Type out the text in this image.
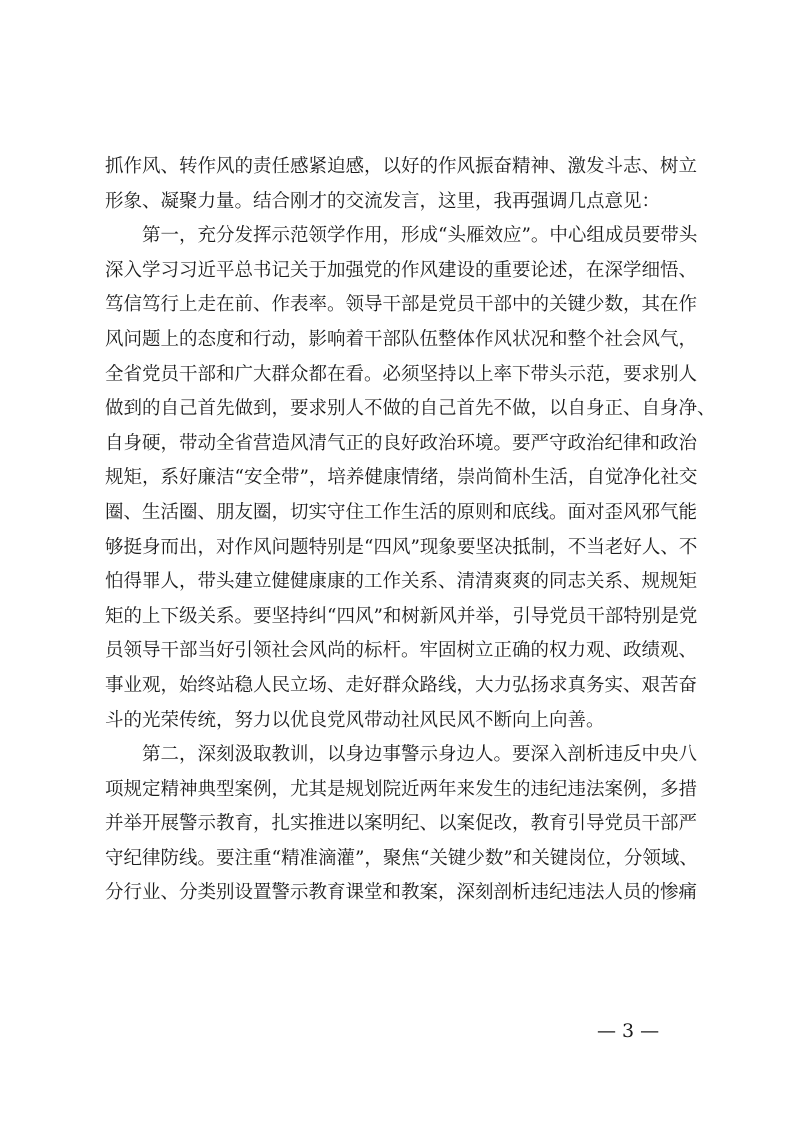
抓作风、转作风的责任感紧迫感，以好的作风振奋精神、激发斗志、树立
形象、凝聚力量。结合刚才的交流发言，这里，我再强调几点意见：
第一，充分发挥示范领学作用，形成“头雁效应”。中心组成员要带头
深入学习习近平总书记关于加强党的作风建设的重要论述，在深学细悟、
笃信笃行上走在前、作表率。领导干部是党员干部中的关键少数，其在作
风问题上的态度和行动，影响着干部队伍整体作风状况和整个社会风气，
全省党员干部和广大群众都在看。必须坚持以上率下带头示范，要求别人
做到的自己首先做到，要求别人不做的自己首先不做，以自身正、自身净、
自身硬，带动全省营造风清气正的良好政治环境。要严守政治纪律和政治
规矩，系好廉洁“安全带”，培养健康情绪，崇尚简朴生活，自觉净化社交
圈、生活圈、朋友圈，切实守住工作生活的原则和底线。面对歪风邪气能
够挺身而出，对作风问题特别是“四风”现象要坚决抵制，不当老好人、不
怕得罪人，带头建立健健康康的工作关系、清清爽爽的同志关系、规规矩
矩的上下级关系。要坚持纠“四风”和树新风并举，引导党员干部特别是党
员领导干部当好引领社会风尚的标杆。牢固树立正确的权力观、政绩观、
事业观，始终站稳人民立场、走好群众路线，大力弘扬求真务实、艰苦奋
斗的光荣传统，努力以优良党风带动社风民风不断向上向善。
第二，深刻汲取教训，以身边事警示身边人。要深入剖析违反中央八
项规定精神典型案例，尤其是规划院近两年来发生的违纪违法案例，多措
并举开展警示教育，扎实推进以案明纪、以案促改，教育引导党员干部严
守纪律防线。要注重“精准滴灌”，聚焦“关键少数”和关键岗位，分领域、
分行业、分类别设置警示教育课堂和教案，深刻剖析违纪违法人员的惨痛
— 3 —
